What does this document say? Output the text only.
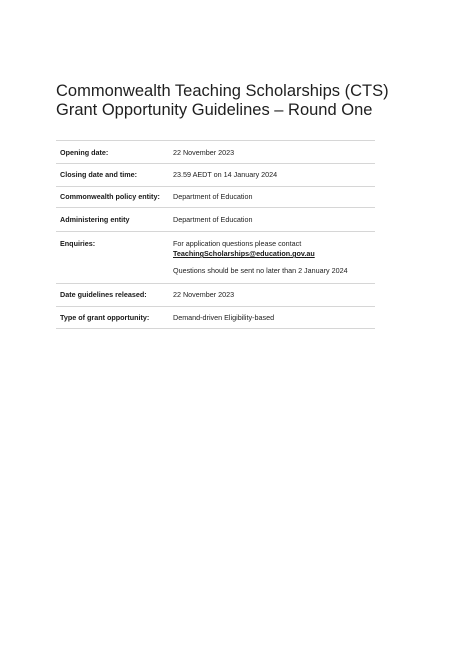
Commonwealth Teaching Scholarships (CTS)
Grant Opportunity Guidelines – Round One
Opening date:	22 November 2023
Closing date and time:	23.59 AEDT on 14 January 2024
Commonwealth policy entity:	Department of Education
Administering entity	Department of Education
Enquiries:	For application questions please contact
TeachingScholarships@education.gov.au
Questions should be sent no later than 2 January 2024
Date guidelines released:	22 November 2023
Type of grant opportunity:	Demand-driven Eligibility-based
